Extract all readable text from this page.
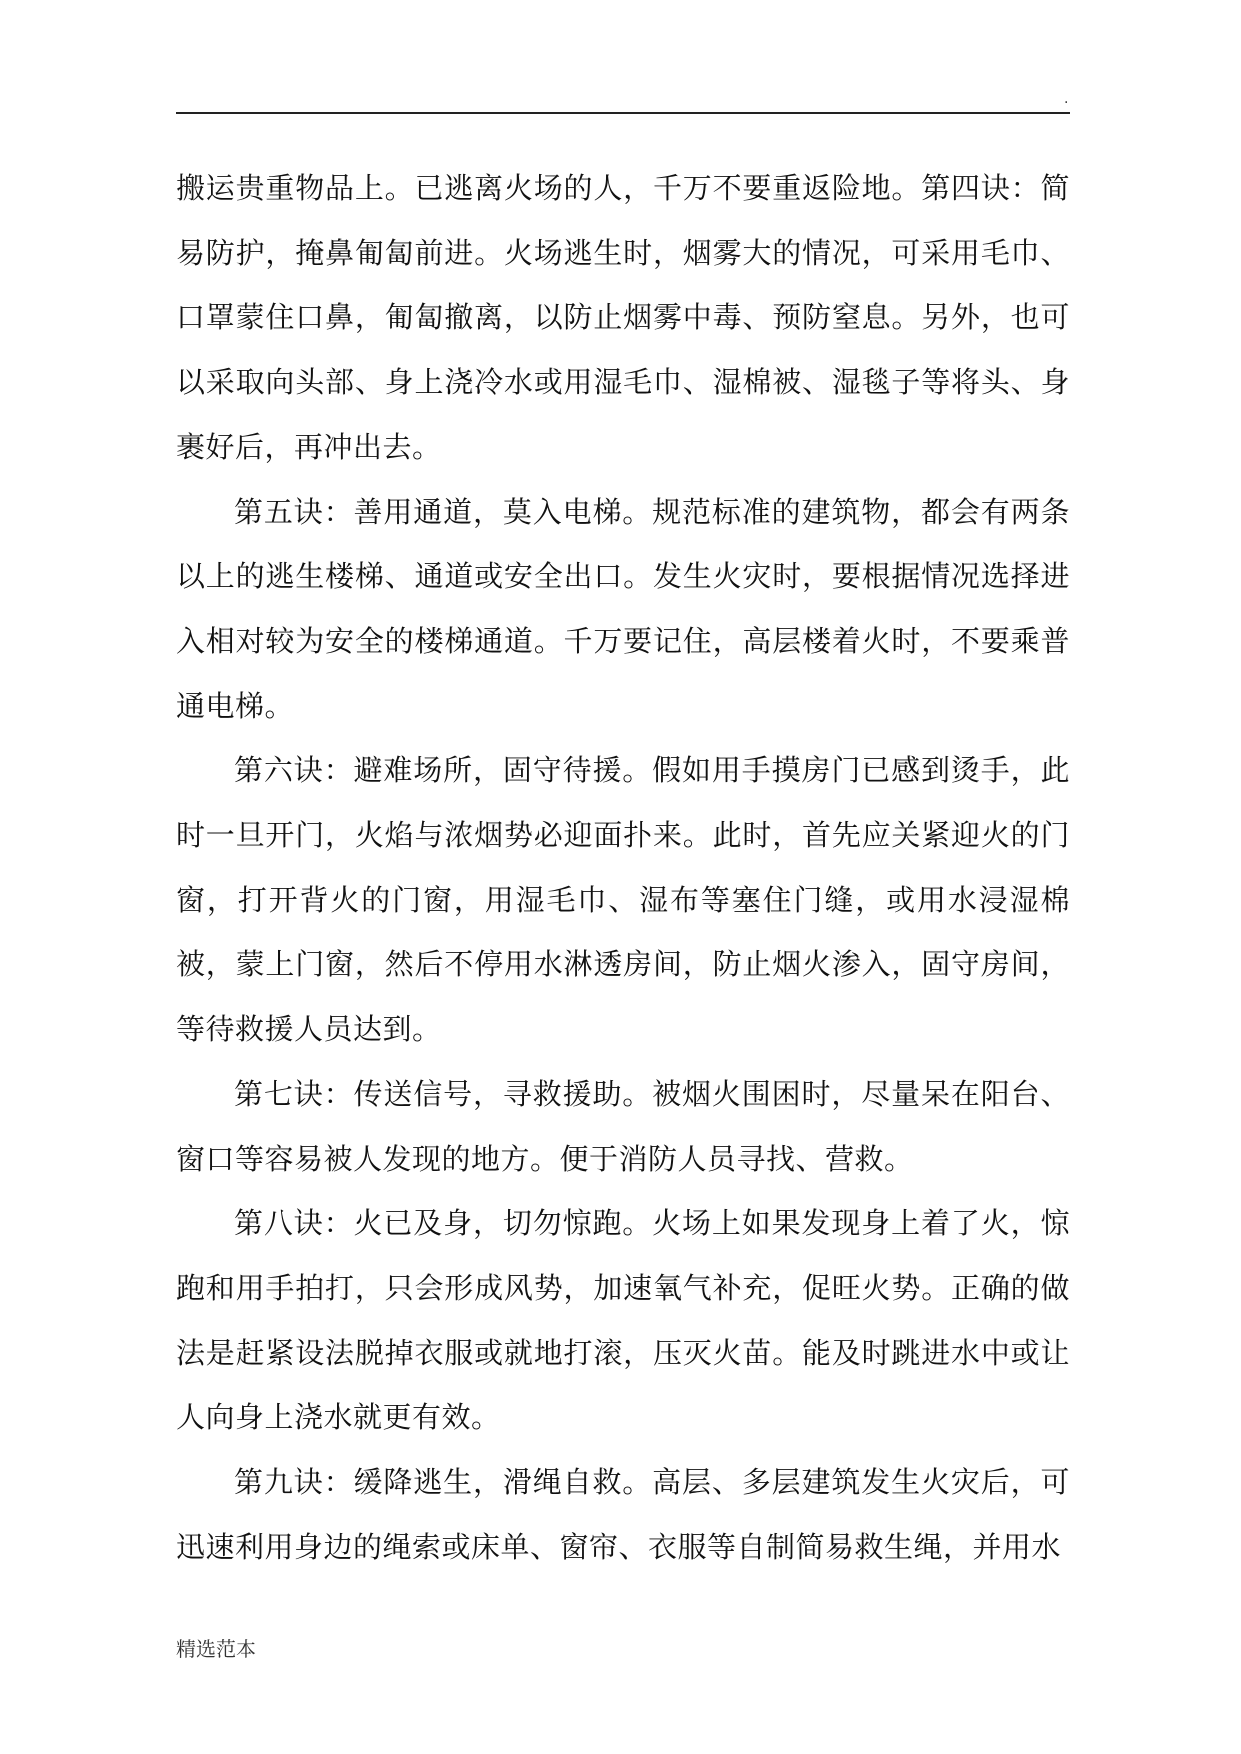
.

搬运贵重物品上。已逃离火场的人，千万不要重返险地。第四诀：简易防护，掩鼻匍匐前进。火场逃生时，烟雾大的情况，可采用毛巾、口罩蒙住口鼻，匍匐撤离，以防止烟雾中毒、预防窒息。另外，也可以采取向头部、身上浇冷水或用湿毛巾、湿棉被、湿毯子等将头、身裹好后，再冲出去。

第五诀：善用通道，莫入电梯。规范标准的建筑物，都会有两条以上的逃生楼梯、通道或安全出口。发生火灾时，要根据情况选择进入相对较为安全的楼梯通道。千万要记住，高层楼着火时，不要乘普通电梯。

第六诀：避难场所，固守待援。假如用手摸房门已感到烫手，此时一旦开门，火焰与浓烟势必迎面扑来。此时，首先应关紧迎火的门窗，打开背火的门窗，用湿毛巾、湿布等塞住门缝，或用水浸湿棉被，蒙上门窗，然后不停用水淋透房间，防止烟火渗入，固守房间，等待救援人员达到。

第七诀：传送信号，寻救援助。被烟火围困时，尽量呆在阳台、窗口等容易被人发现的地方。便于消防人员寻找、营救。

第八诀：火已及身，切勿惊跑。火场上如果发现身上着了火，惊跑和用手拍打，只会形成风势，加速氧气补充，促旺火势。正确的做法是赶紧设法脱掉衣服或就地打滚，压灭火苗。能及时跳进水中或让人向身上浇水就更有效。

第九诀：缓降逃生，滑绳自救。高层、多层建筑发生火灾后，可迅速利用身边的绳索或床单、窗帘、衣服等自制简易救生绳，并用水

精选范本
